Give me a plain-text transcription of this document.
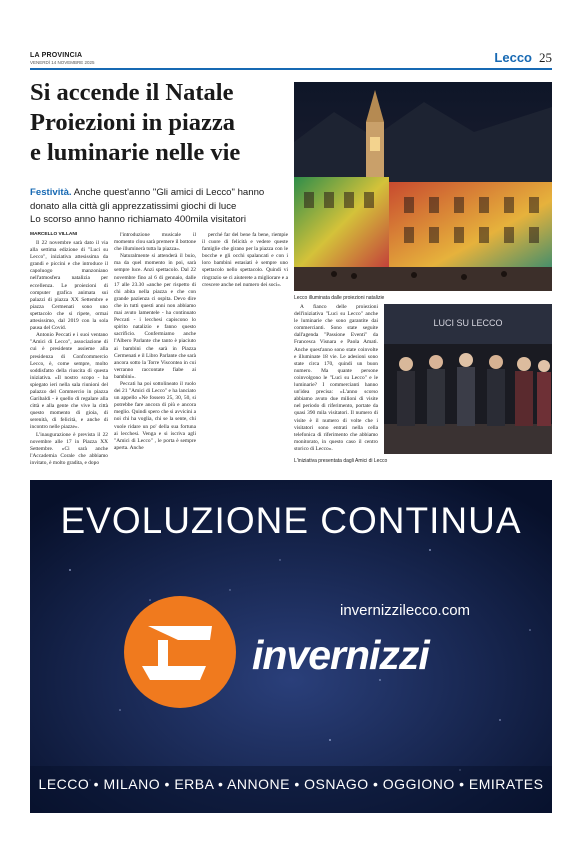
LA PROVINCIA
VENERDÌ 14 NOVEMBRE 2025	Lecco 25
Si accende il Natale
Proiezioni in piazza
e luminarie nelle vie
Festività. Anche quest'anno "Gli amici di Lecco" hanno donato alla città gli apprezzatissimi giochi di luce
Lo scorso anno hanno richiamato 400mila visitatori
MARCELLO VILLANI

Il 22 novembre sarà dato il via alla settima edizione di "Luci su Lecco", iniziativa attesissima da grandi e piccini e che introduce il capoluogo manzoniano nell'atmosfera natalizia per eccellenza. Le proiezioni di computer grafica animata sui palazzi di piazza XX Settembre e piazza Cermenati sono uno spettacolo che si ripete, ormai attesissimo, dal 2019 con la sola pausa del Covid.

Antonio Peccati e i suoi ventano "Amici di Lecco", associazione di cui è presidente assieme alla presidenza di Confcommercio Lecco, è, come sempre, molto soddisfatto della riuscita di questa iniziativa. «Il nostro scopo - ha spiegato ieri nella sala riunioni del palazzo del Commercio in piazza Garibaldi - è quello di regalare alla città e alla gente che vive la città questo momento di gioia, di serenità, di felicità, e anche di incontro nelle piazze».

L'inaugurazione è prevista il 22 novembre alle 17 in Piazza XX Settembre. «Ci sarà anche l'Accademia Corale che abbiamo invitato, è molto gradita, e dopo

l'introduzione musicale il momento clou sarà premere il bottone che illuminerà tutta la piazza».

Naturalmente si attenderà il buio, ma da quel momento in poi, sarà sempre luce. Anzi spettacolo. Dal 22 novembre fino al 6 di gennaio, dalle 17 alle 23.30 «anche per rispetto di chi abita nella piazza e che con grande pazienza ci ospita. Devo dire che in tutti questi anni non abbiamo mai avuto lamentele - ha continuato Peccati - i lecchesi capiscono lo spirito natalizio e fanno questo sacrificio. Confermiamo anche l'Albero Parlante che tanto è piaciuto ai bambini che sarà in Piazza Cermenati e il Libro Parlante che sarà ancora sotto la Torre Viscontea in cui verranno raccontate fiabe ai bambini».

Peccati ha poi sottolineato il ruolo dei 21 "Amici di Lecco" e ha lanciato un appello «Ne fossero 25, 30, 50, si potrebbe fare ancora di più e ancora meglio. Quindi spero che si avvicini a noi chi ha voglia, chi se la sente, chi vuole ridare un po' della sua fortuna ai lecchesi. Venga e si iscriva agli "Amici di Lecco" , le porta è sempre aperta. Anche

perché far del bene fa bene, riempie il cuore di felicità e vedere queste famiglie che girano per la piazza con le bocche e gli occhi spalancati e con i loro bambini estasiati è sempre uno spettacolo nello spettacolo. Quindi vi ringrazio se ci aiuterete a migliorare e a crescere anche nel numero dei soci».

A fianco delle proiezioni dell'iniziativa "Luci su Lecco" anche le luminarie che sono garantite dai commercianti. Sono state seguite dall'agenda "Passione Eventi" da Francesca Visnara e Paola Amati. Anche quest'anno sono state coinvolte e illuminate 18 vie. Le adesioni sono state circa 170, quindi un buon numero. Ma quante persone coinvolgono le "Luci su Lecco" e le luminarie? I commercianti hanno un'idea precisa: «L'anno scorso abbiamo avuto due milioni di visite nel periodo di riferimento, portate da quasi 390 mila visitatori. Il numero di visite è il numero di volte che i visitatori sono entrati nella cella telefonica di riferimento che abbiamo monitorato, in questo caso il centro storico di Lecco».

Lecco illuminata dalle proiezioni natalizie
LUCI SU LECCO
L'iniziativa presentata dagli Amici di Lecco
EVOLUZIONE CONTINUA
invernizzilecco.com
invernizzi
LECCO • MILANO • ERBA • ANNONE • OSNAGO • OGGIONO • EMIRATES
